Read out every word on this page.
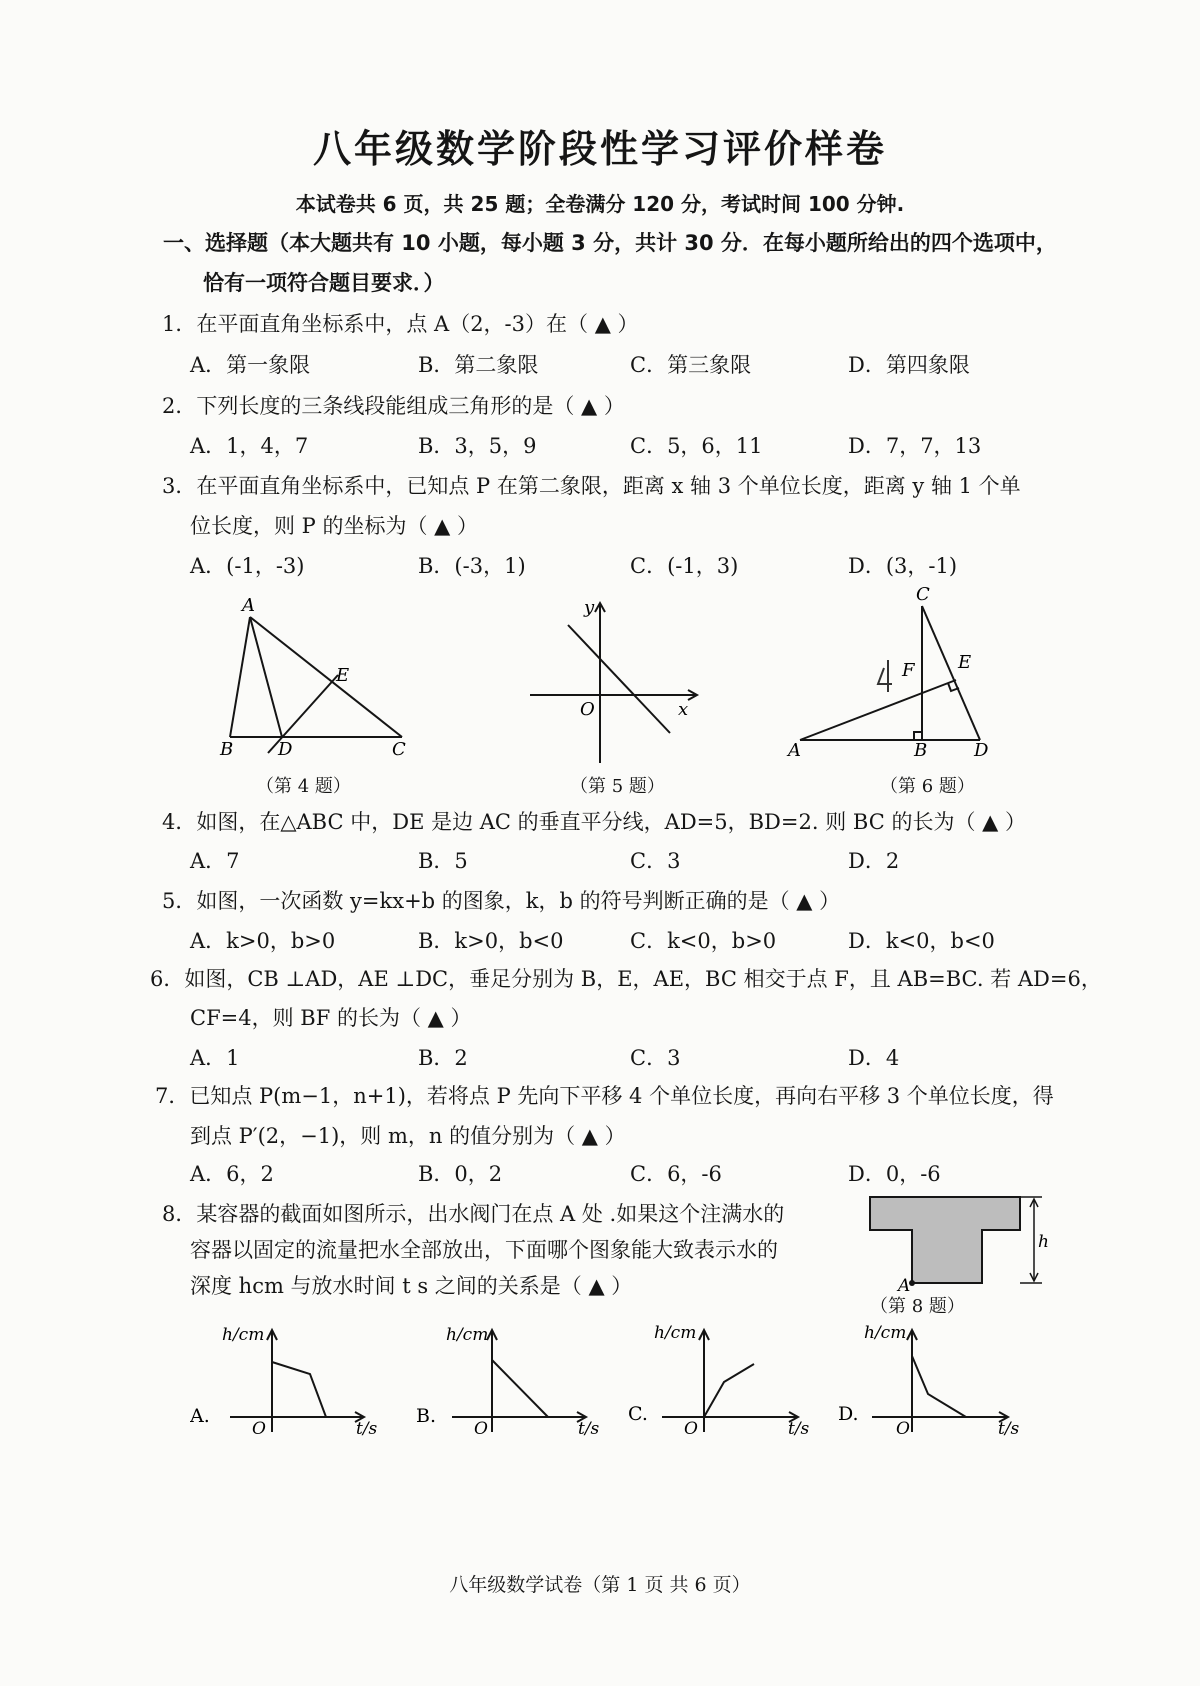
八年级数学阶段性学习评价样卷
本试卷共 6 页，共 25 题；全卷满分 120 分，考试时间 100 分钟.
一、选择题（本大题共有 10 小题，每小题 3 分，共计 30 分．在每小题所给出的四个选项中，
恰有一项符合题目要求．）
1．在平面直角坐标系中，点 A（2，-3）在（ ▲ ）
A．第一象限	B．第二象限	C．第三象限	D．第四象限
2．下列长度的三条线段能组成三角形的是（ ▲ ）
A．1，4，7	B．3，5，9	C．5，6，11	D．7，7，13
3．在平面直角坐标系中，已知点 P 在第二象限，距离 x 轴 3 个单位长度，距离 y 轴 1 个单
位长度，则 P 的坐标为（ ▲ ）
A．(-1，-3)	B．(-3，1)	C．(-1，3)	D．(3，-1)
A
B D	C
E
（第 4 题）
y
O	x
（第 5 题）
C
F E
A	B	D
（第 6 题）
4．如图，在△ABC 中，DE 是边 AC 的垂直平分线，AD=5，BD=2. 则 BC 的长为（ ▲ ）
A．7	B．5	C．3	D．2
5．如图，一次函数 y=kx+b 的图象，k，b 的符号判断正确的是（ ▲ ）
A．k>0，b>0	B．k>0，b<0	C．k<0，b>0	D．k<0，b<0
6．如图，CB ⊥AD，AE ⊥DC，垂足分别为 B，E，AE，BC 相交于点 F，且 AB=BC. 若 AD=6，
CF=4，则 BF 的长为（ ▲ ）
A．1	B．2	C．3	D．4
7．已知点 P(m−1，n+1)，若将点 P 先向下平移 4 个单位长度，再向右平移 3 个单位长度，得
到点 P′(2，−1)，则 m，n 的值分别为（ ▲ ）
A．6，2	B．0，2	C．6，-6	D．0，-6
8．某容器的截面如图所示，出水阀门在点 A 处 .如果这个注满水的
容器以固定的流量把水全部放出，下面哪个图象能大致表示水的
深度 hcm 与放水时间 t s 之间的关系是（ ▲ ）	A
h
（第 8 题）
A.
h/cm
O	t/s
B.
h/cm
O	t/s
C.
h/cm
O	t/s
D.
h/cm
O	t/s
八年级数学试卷（第 1 页 共 6 页）
